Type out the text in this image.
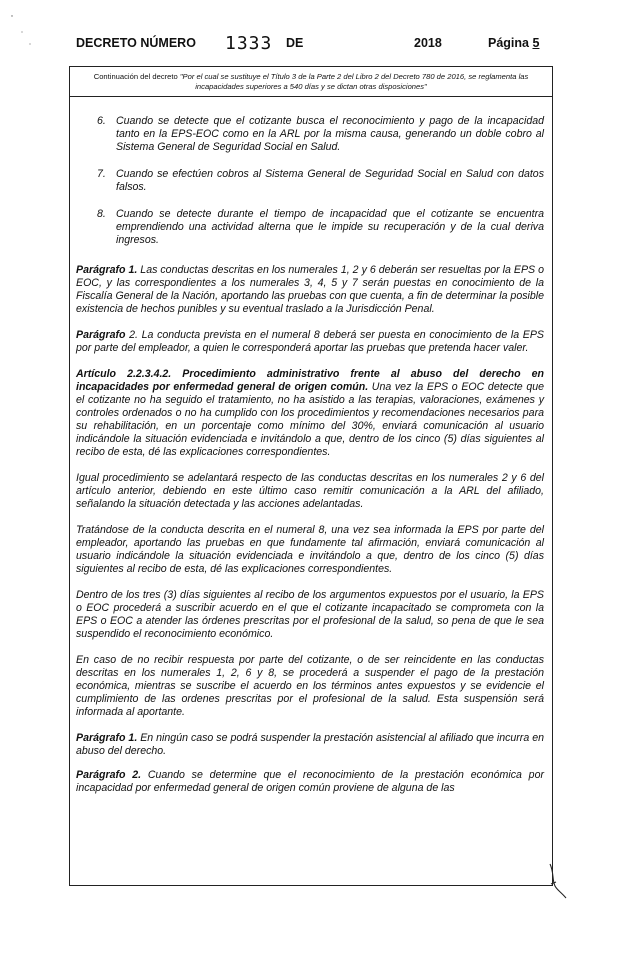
DECRETO NÚMERO 1333 DE	2018	Página 5
Continuación del decreto "Por el cual se sustituye el Título 3 de la Parte 2 del Libro 2 del Decreto 780 de 2016, se reglamenta las incapacidades superiores a 540 días y se dictan otras disposiciones"
6. Cuando se detecte que el cotizante busca el reconocimiento y pago de la incapacidad tanto en la EPS-EOC como en la ARL por la misma causa, generando un doble cobro al Sistema General de Seguridad Social en Salud.
7. Cuando se efectúen cobros al Sistema General de Seguridad Social en Salud con datos falsos.
8. Cuando se detecte durante el tiempo de incapacidad que el cotizante se encuentra emprendiendo una actividad alterna que le impide su recuperación y de la cual deriva ingresos.

Parágrafo 1. Las conductas descritas en los numerales 1, 2 y 6 deberán ser resueltas por la EPS o EOC, y las correspondientes a los numerales 3, 4, 5 y 7 serán puestas en conocimiento de la Fiscalía General de la Nación, aportando las pruebas con que cuenta, a fin de determinar la posible existencia de hechos punibles y su eventual traslado a la Jurisdicción Penal.

Parágrafo 2. La conducta prevista en el numeral 8 deberá ser puesta en conocimiento de la EPS por parte del empleador, a quien le corresponderá aportar las pruebas que pretenda hacer valer.

Artículo 2.2.3.4.2. Procedimiento administrativo frente al abuso del derecho en incapacidades por enfermedad general de origen común. Una vez la EPS o EOC detecte que el cotizante no ha seguido el tratamiento, no ha asistido a las terapias, valoraciones, exámenes y controles ordenados o no ha cumplido con los procedimientos y recomendaciones necesarios para su rehabilitación, en un porcentaje como mínimo del 30%, enviará comunicación al usuario indicándole la situación evidenciada e invitándolo a que, dentro de los cinco (5) días siguientes al recibo de esta, dé las explicaciones correspondientes.

Igual procedimiento se adelantará respecto de las conductas descritas en los numerales 2 y 6 del artículo anterior, debiendo en este último caso remitir comunicación a la ARL del afiliado, señalando la situación detectada y las acciones adelantadas.

Tratándose de la conducta descrita en el numeral 8, una vez sea informada la EPS por parte del empleador, aportando las pruebas en que fundamente tal afirmación, enviará comunicación al usuario indicándole la situación evidenciada e invitándolo a que, dentro de los cinco (5) días siguientes al recibo de esta, dé las explicaciones correspondientes.

Dentro de los tres (3) días siguientes al recibo de los argumentos expuestos por el usuario, la EPS o EOC procederá a suscribir acuerdo en el que el cotizante incapacitado se comprometa con la EPS o EOC a atender las órdenes prescritas por el profesional de la salud, so pena de que le sea suspendido el reconocimiento económico.

En caso de no recibir respuesta por parte del cotizante, o de ser reincidente en las conductas descritas en los numerales 1, 2, 6 y 8, se procederá a suspender el pago de la prestación económica, mientras se suscribe el acuerdo en los términos antes expuestos y se evidencie el cumplimiento de las ordenes prescritas por el profesional de la salud. Esta suspensión será informada al aportante.

Parágrafo 1. En ningún caso se podrá suspender la prestación asistencial al afiliado que incurra en abuso del derecho.

Parágrafo 2. Cuando se determine que el reconocimiento de la prestación económica por incapacidad por enfermedad general de origen común proviene de alguna de las
